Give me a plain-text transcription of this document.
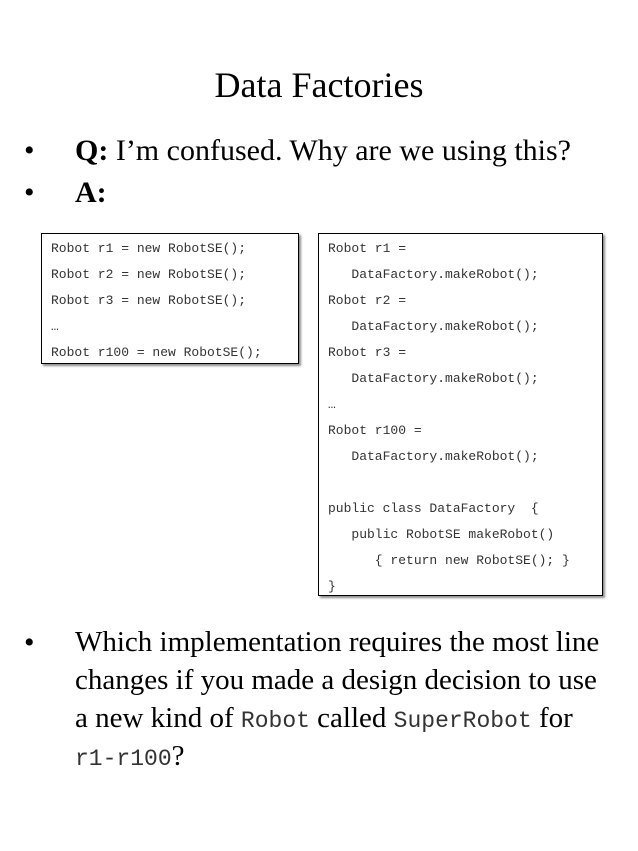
Data Factories
• Q: I’m confused. Why are we using this?
• A:
Robot r1 = new RobotSE();
Robot r2 = new RobotSE();
Robot r3 = new RobotSE();
…
Robot r100 = new RobotSE();
Robot r1 =
DataFactory.makeRobot();
Robot r2 =
DataFactory.makeRobot();
Robot r3 =
DataFactory.makeRobot();
…
Robot r100 =
DataFactory.makeRobot();
public class DataFactory  {
public RobotSE makeRobot()
{ return new RobotSE(); }
}
• Which implementation requires the most line
changes if you made a design decision to use
a new kind of Robot called SuperRobot for
r1-r100?
